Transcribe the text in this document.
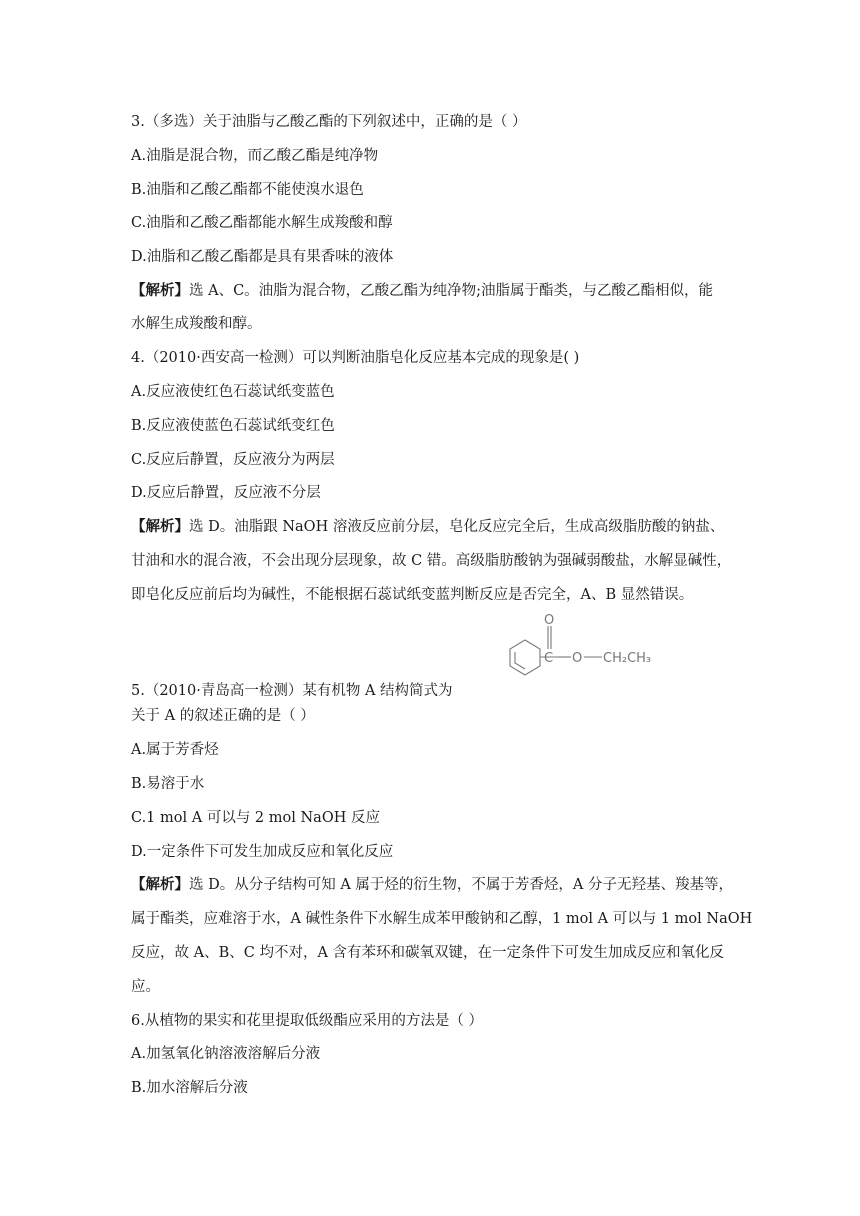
3.（多选）关于油脂与乙酸乙酯的下列叙述中，正确的是（ ）

A.油脂是混合物，而乙酸乙酯是纯净物

B.油脂和乙酸乙酯都不能使溴水退色

C.油脂和乙酸乙酯都能水解生成羧酸和醇

D.油脂和乙酸乙酯都是具有果香味的液体

【解析】选 A、C。油脂为混合物，乙酸乙酯为纯净物;油脂属于酯类，与乙酸乙酯相似，能

水解生成羧酸和醇。

4.（2010·西安高一检测）可以判断油脂皂化反应基本完成的现象是( )

A.反应液使红色石蕊试纸变蓝色

B.反应液使蓝色石蕊试纸变红色

C.反应后静置，反应液分为两层

D.反应后静置，反应液不分层

【解析】选 D。油脂跟 NaOH 溶液反应前分层，皂化反应完全后，生成高级脂肪酸的钠盐、

甘油和水的混合液，不会出现分层现象，故 C 错。高级脂肪酸钠为强碱弱酸盐，水解显碱性，

即皂化反应前后均为碱性，不能根据石蕊试纸变蓝判断反应是否完全，A、B 显然错误。

O
C O CH₂CH₃

5.（2010·青岛高一检测）某有机物 A 结构简式为

关于 A 的叙述正确的是（ ）

A.属于芳香烃

B.易溶于水

C.1 mol A 可以与 2 mol NaOH 反应

D.一定条件下可发生加成反应和氧化反应

【解析】选 D。从分子结构可知 A 属于烃的衍生物，不属于芳香烃，A 分子无羟基、羧基等，

属于酯类，应难溶于水，A 碱性条件下水解生成苯甲酸钠和乙醇，1 mol A 可以与 1 mol NaOH

反应，故 A、B、C 均不对，A 含有苯环和碳氧双键，在一定条件下可发生加成反应和氧化反

应。

6.从植物的果实和花里提取低级酯应采用的方法是（ ）

A.加氢氧化钠溶液溶解后分液

B.加水溶解后分液
